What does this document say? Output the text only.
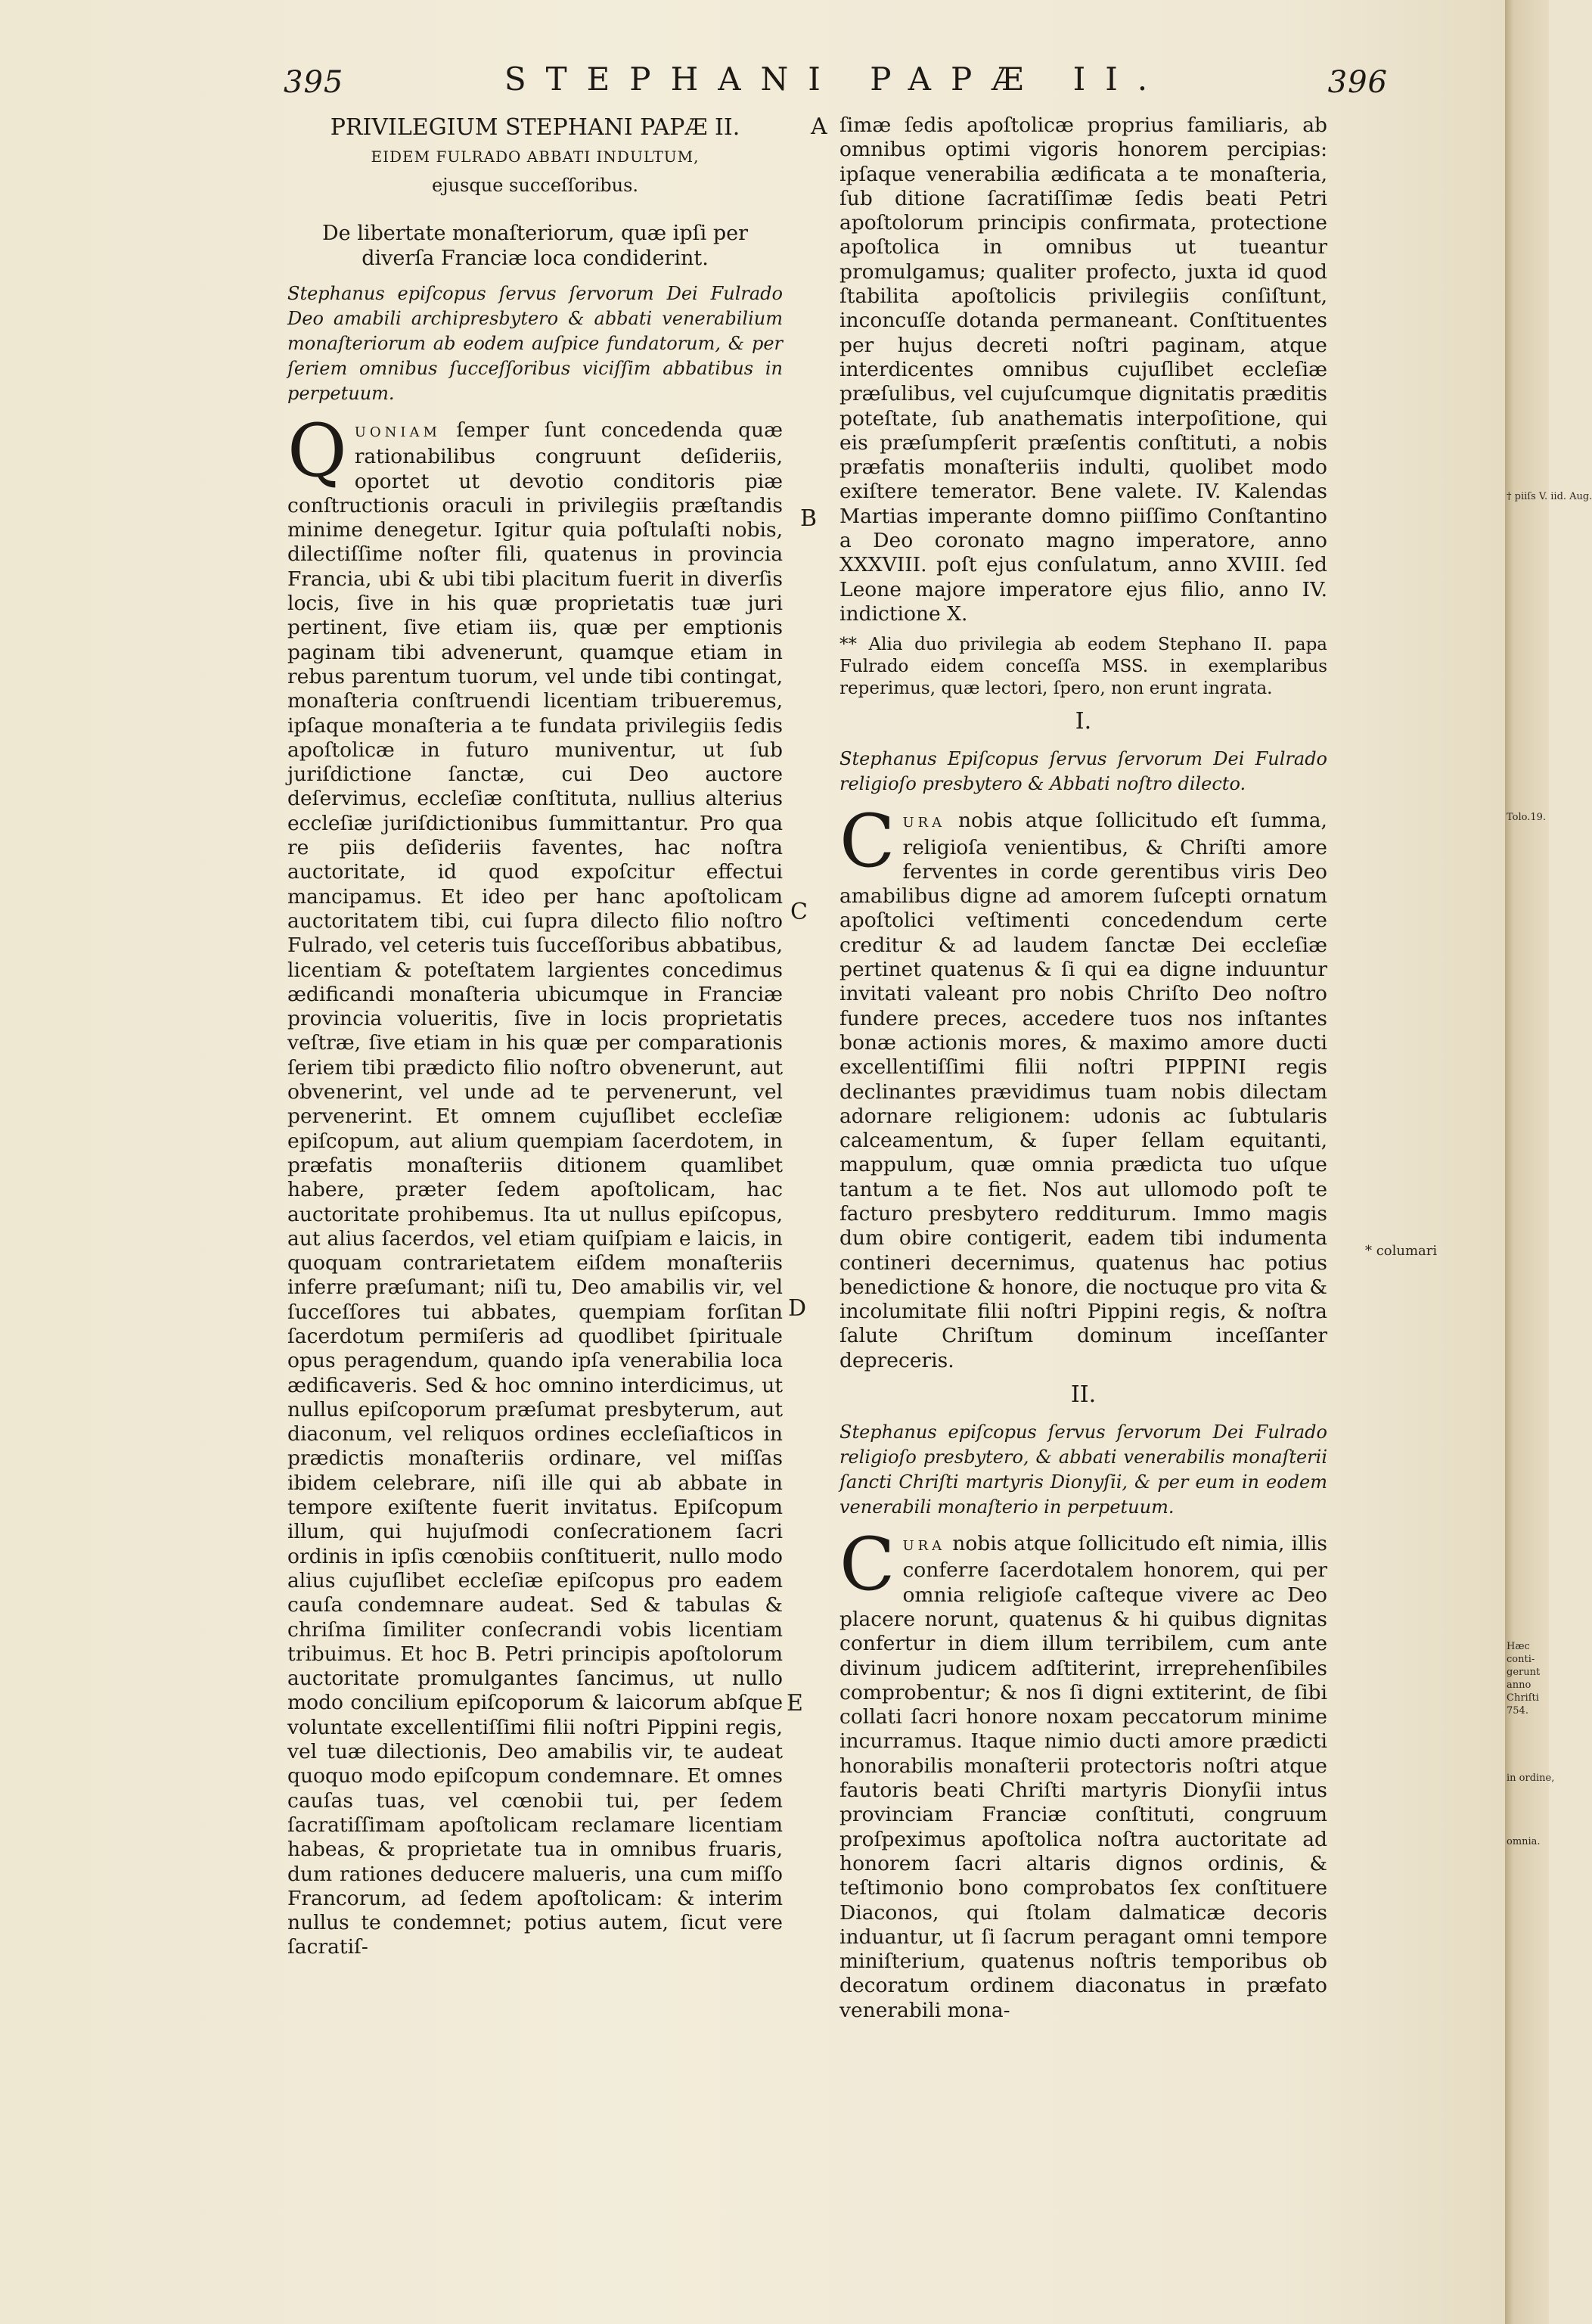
395	STEPHANI PAPÆ II.	396
PRIVILEGIUM STEPHANI PAPÆ II.
EIDEM FULRADO ABBATI INDULTUM,
ejusque succeſſoribus.
De libertate monaſteriorum, quæ ipſi per diverſa Franciæ loca condiderint.
Stephanus epiſcopus ſervus ſervorum Dei Fulrado Deo amabili archipresbytero & abbati venerabilium monaſteriorum ab eodem auſpice fundatorum, & per ſeriem omnibus ſucceſſoribus viciſſim abbatibus in perpetuum.

QUONIAM ſemper ſunt concedenda quæ rationabilibus congruunt deſideriis, oportet ut devotio conditoris piæ conſtructionis oraculi in privilegiis præſtandis minime denegetur. Igitur quia poſtulaſti nobis, dilectiſſime noſter fili, quatenus in provincia Francia, ubi & ubi tibi placitum fuerit in diverſis locis, ſive in his quæ proprietatis tuæ juri pertinent, ſive etiam iis, quæ per emptionis paginam tibi advenerunt, quamque etiam in rebus parentum tuorum, vel unde tibi contingat, monaſteria conſtruendi licentiam tribueremus, ipſaque monaſteria a te fundata privilegiis ſedis apoſtolicæ in futuro muniventur, ut ſub juriſdictione ſanctæ, cui Deo auctore deſervimus, eccleſiæ conſtituta, nullius alterius eccleſiæ juriſdictionibus ſummittantur. Pro qua re piis deſideriis faventes, hac noſtra auctoritate, id quod expoſcitur effectui mancipamus. Et ideo per hanc apoſtolicam auctoritatem tibi, cui ſupra dilecto filio noſtro Fulrado, vel ceteris tuis ſucceſſoribus abbatibus, licentiam & poteſtatem largientes concedimus ædificandi monaſteria ubicumque in Franciæ provincia volueritis, ſive in locis proprietatis veſtræ, ſive etiam in his quæ per comparationis ſeriem tibi prædicto filio noſtro obvenerunt, aut obvenerint, vel unde ad te pervenerunt, vel pervenerint. Et omnem cujuſlibet eccleſiæ epiſcopum, aut alium quempiam ſacerdotem, in præfatis monaſteriis ditionem quamlibet habere, præter ſedem apoſtolicam, hac auctoritate prohibemus. Ita ut nullus epiſcopus, aut alius ſacerdos, vel etiam quiſpiam e laicis, in quoquam contrarietatem eiſdem monaſteriis inferre præſumant; niſi tu, Deo amabilis vir, vel ſucceſſores tui abbates, quempiam forſitan ſacerdotum permiſeris ad quodlibet ſpirituale opus peragendum, quando ipſa venerabilia loca ædificaveris. Sed & hoc omnino interdicimus, ut nullus epiſcoporum præſumat presbyterum, aut diaconum, vel reliquos ordines eccleſiaſticos in prædictis monaſteriis ordinare, vel miſſas ibidem celebrare, niſi ille qui ab abbate in tempore exiſtente fuerit invitatus. Epiſcopum illum, qui hujuſmodi conſecrationem ſacri ordinis in ipſis cœnobiis conſtituerit, nullo modo alius cujuſlibet eccleſiæ epiſcopus pro eadem cauſa condemnare audeat. Sed & tabulas & chriſma ſimiliter conſecrandi vobis licentiam tribuimus. Et hoc B. Petri principis apoſtolorum auctoritate promulgantes ſancimus, ut nullo modo concilium epiſcoporum & laicorum abſque voluntate excellentiſſimi filii noſtri Pippini regis, vel tuæ dilectionis, Deo amabilis vir, te audeat quoquo modo epiſcopum condemnare. Et omnes cauſas tuas, vel cœnobii tui, per ſedem ſacratiſſimam apoſtolicam reclamare licentiam habeas, & proprietate tua in omnibus fruaris, dum rationes deducere malueris, una cum miſſo Francorum, ad ſedem apoſtolicam: & interim nullus te condemnet; potius autem, ſicut vere ſacratiſ-

A
B
C
D
E

ſimæ ſedis apoſtolicæ proprius familiaris, ab omnibus optimi vigoris honorem percipias: ipſaque venerabilia ædificata a te monaſteria, ſub ditione ſacratiſſimæ ſedis beati Petri apoſtolorum principis confirmata, protectione apoſtolica in omnibus ut tueantur promulgamus; qualiter profecto, juxta id quod ſtabilita apoſtolicis privilegiis conſiſtunt, inconcuſſe dotanda permaneant. Conſtituentes per hujus decreti noſtri paginam, atque interdicentes omnibus cujuſlibet eccleſiæ præſulibus, vel cujuſcumque dignitatis præditis poteſtate, ſub anathematis interpoſitione, qui eis præſumpſerit præſentis conſtituti, a nobis præfatis monaſteriis indulti, quolibet modo exiſtere temerator. Bene valete. IV. Kalendas Martias imperante domno piiſſimo Conſtantino a Deo coronato magno imperatore, anno XXXVIII. poſt ejus conſulatum, anno XVIII. ſed Leone majore imperatore ejus filio, anno IV. indictione X.

** Alia duo privilegia ab eodem Stephano II. papa Fulrado eidem conceſſa MSS. in exemplaribus reperimus, quæ lectori, ſpero, non erunt ingrata.

I.
Stephanus Epiſcopus ſervus ſervorum Dei Fulrado religioſo presbytero & Abbati noſtro dilecto.

CURA nobis atque ſollicitudo eſt ſumma, religioſa venientibus, & Chriſti amore ferventes in corde gerentibus viris Deo amabilibus digne ad amorem ſuſcepti ornatum apoſtolici veſtimenti concedendum certe creditur & ad laudem ſanctæ Dei eccleſiæ pertinet quatenus & ſi qui ea digne induuntur invitati valeant pro nobis Chriſto Deo noſtro fundere preces, accedere tuos nos inſtantes bonæ actionis mores, & maximo amore ducti excellentiſſimi filii noſtri PIPPINI regis declinantes prævidimus tuam nobis dilectam adornare religionem: udonis ac ſubtularis calceamentum, & ſuper ſellam equitanti, mappulum, quæ omnia prædicta tuo uſque tantum a te fiet. Nos aut ullomodo poſt te facturo presbytero redditurum. Immo magis dum obire contigerit, eadem tibi indumenta contineri decernimus, quatenus hac potius benedictione & honore, die noctuque pro vita & incolumitate filii noſtri Pippini regis, & noſtra ſalute Chriſtum dominum inceſſanter depreceris.

II.
Stephanus epiſcopus ſervus ſervorum Dei Fulrado religioſo presbytero, & abbati venerabilis monaſterii ſancti Chriſti martyris Dionyſii, & per eum in eodem venerabili monaſterio in perpetuum.

CURA nobis atque ſollicitudo eſt nimia, illis conferre ſacerdotalem honorem, qui per omnia religioſe caſteque vivere ac Deo placere norunt, quatenus & hi quibus dignitas confertur in diem illum terribilem, cum ante divinum judicem adſtiterint, irreprehenſibiles comprobentur; & nos ſi digni extiterint, de ſibi collati ſacri honore noxam peccatorum minime incurramus. Itaque nimio ducti amore prædicti honorabilis monaſterii protectoris noſtri atque fautoris beati Chriſti martyris Dionyſii intus provinciam Franciæ conſtituti, congruum proſpeximus apoſtolica noſtra auctoritate ad honorem ſacri altaris dignos ordinis, & teſtimonio bono comprobatos ſex conſtituere Diaconos, qui ſtolam dalmaticæ decoris induantur, ut ſi ſacrum peragant omni tempore miniſterium, quatenus noſtris temporibus ob decoratum ordinem diaconatus in præfato venerabili mona-

* columari
† piiſs V. iid. Aug.
Tolo.19.
Hæc conti- gerunt anno Chriſti 754.
in ordine,
omnia.
